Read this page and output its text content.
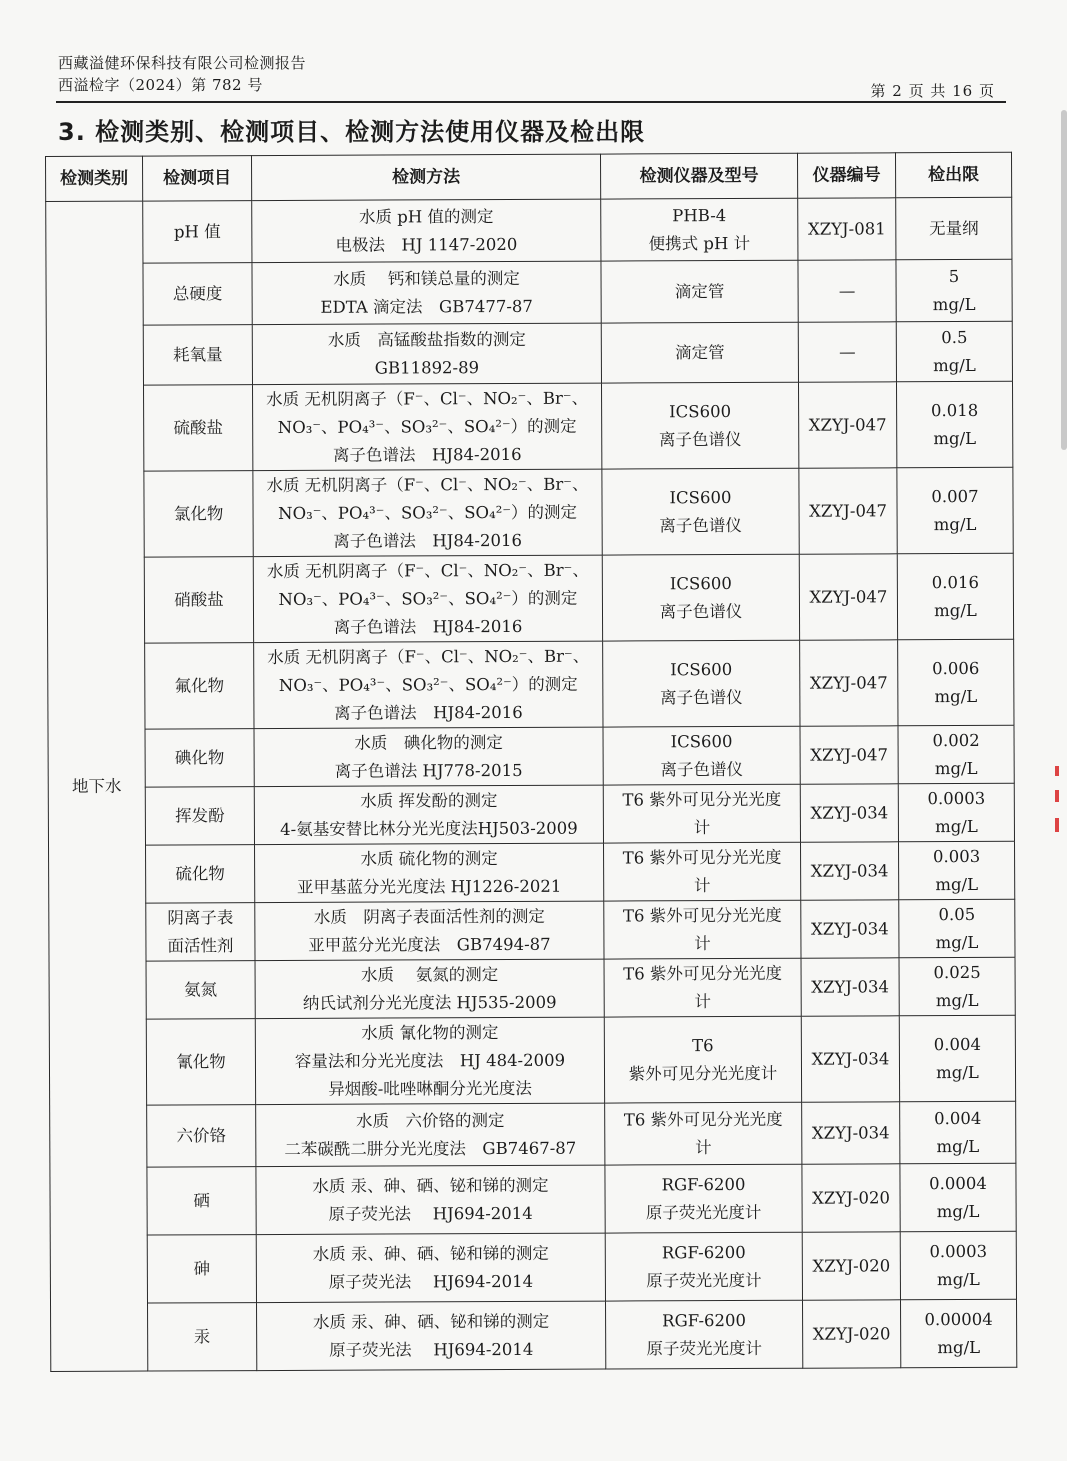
西藏溢健环保科技有限公司检测报告
西溢检字（2024）第 782 号	第 2 页 共 16 页
3. 检测类别、检测项目、检测方法使用仪器及检出限
检测类别	检测项目	检测方法	检测仪器及型号	仪器编号	检出限
地下水	pH 值	水质 pH 值的测定
电极法　HJ 1147-2020	PHB-4
便携式 pH 计	XZYJ-081	无量纲

	总硬度	水质　 钙和镁总量的测定
EDTA 滴定法　GB7477-87	滴定管	—	5
mg/L

	耗氧量	水质　高锰酸盐指数的测定
GB11892-89	滴定管	—	0.5
mg/L

	硫酸盐	水质 无机阴离子（F⁻、Cl⁻、NO₂⁻、Br⁻、
NO₃⁻、PO₄³⁻、SO₃²⁻、SO₄²⁻）的测定
离子色谱法　HJ84-2016	ICS600
离子色谱仪	XZYJ-047	0.018
mg/L

	氯化物	水质 无机阴离子（F⁻、Cl⁻、NO₂⁻、Br⁻、
NO₃⁻、PO₄³⁻、SO₃²⁻、SO₄²⁻）的测定
离子色谱法　HJ84-2016	ICS600
离子色谱仪	XZYJ-047	0.007
mg/L

	硝酸盐	水质 无机阴离子（F⁻、Cl⁻、NO₂⁻、Br⁻、
NO₃⁻、PO₄³⁻、SO₃²⁻、SO₄²⁻）的测定
离子色谱法　HJ84-2016	ICS600
离子色谱仪	XZYJ-047	0.016
mg/L

	氟化物	水质 无机阴离子（F⁻、Cl⁻、NO₂⁻、Br⁻、
NO₃⁻、PO₄³⁻、SO₃²⁻、SO₄²⁻）的测定
离子色谱法　HJ84-2016	ICS600
离子色谱仪	XZYJ-047	0.006
mg/L

	碘化物	水质　碘化物的测定
离子色谱法 HJ778-2015	ICS600
离子色谱仪	XZYJ-047	0.002
mg/L

	挥发酚	水质 挥发酚的测定
4-氨基安替比林分光光度法HJ503-2009	T6 紫外可见分光光度
计	XZYJ-034	0.0003
mg/L

	硫化物	水质 硫化物的测定
亚甲基蓝分光光度法 HJ1226-2021	T6 紫外可见分光光度
计	XZYJ-034	0.003
mg/L

	阴离子表
面活性剂	水质　阴离子表面活性剂的测定
亚甲蓝分光光度法　GB7494-87	T6 紫外可见分光光度
计	XZYJ-034	0.05
mg/L

	氨氮	水质　 氨氮的测定
纳氏试剂分光光度法 HJ535-2009	T6 紫外可见分光光度
计	XZYJ-034	0.025
mg/L

	氰化物	水质 氰化物的测定
容量法和分光光度法　HJ 484-2009
异烟酸-吡唑啉酮分光光度法	T6
紫外可见分光光度计	XZYJ-034	0.004
mg/L

	六价铬	水质　六价铬的测定
二苯碳酰二肼分光光度法　GB7467-87	T6 紫外可见分光光度
计	XZYJ-034	0.004
mg/L

	硒	水质 汞、砷、硒、铋和锑的测定
原子荧光法　 HJ694-2014	RGF-6200
原子荧光光度计	XZYJ-020	0.0004
mg/L

	砷	水质 汞、砷、硒、铋和锑的测定
原子荧光法　 HJ694-2014	RGF-6200
原子荧光光度计	XZYJ-020	0.0003
mg/L

	汞	水质 汞、砷、硒、铋和锑的测定
原子荧光法　 HJ694-2014	RGF-6200
原子荧光光度计	XZYJ-020	0.00004
mg/L
